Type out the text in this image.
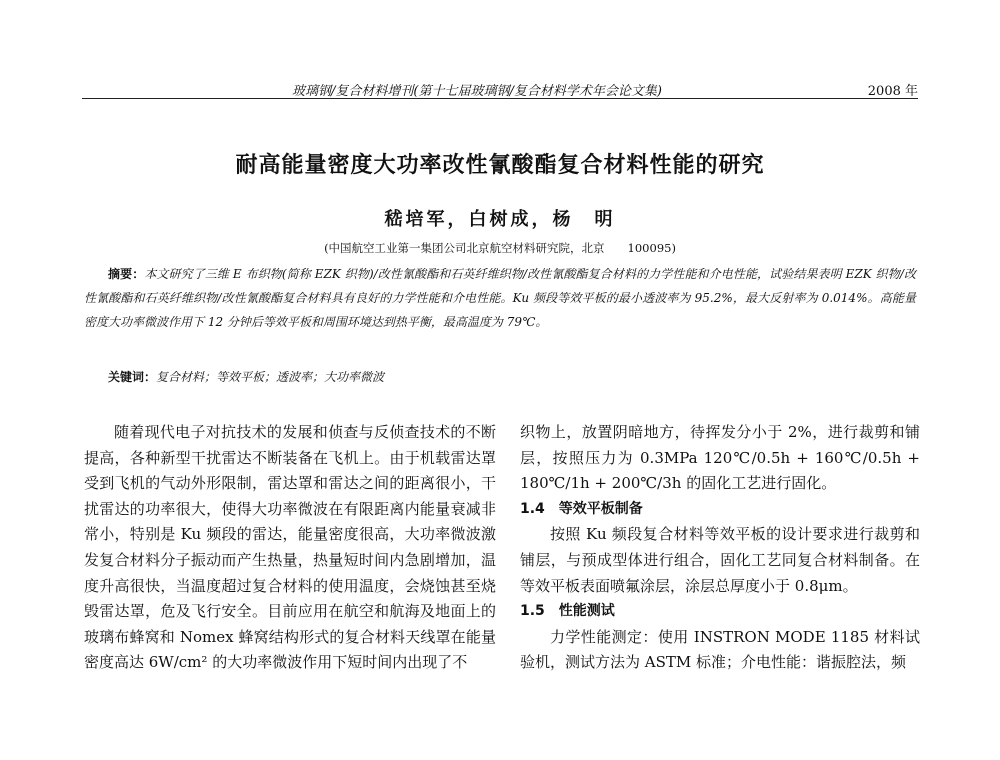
玻璃钢/复合材料增刊(第十七届玻璃钢/复合材料学术年会论文集)	2008 年
耐高能量密度大功率改性氰酸酯复合材料性能的研究
嵇培军，白树成，杨　明
(中国航空工业第一集团公司北京航空材料研究院，北京　　100095)

摘要：本文研究了三维 E 布织物(简称 EZK 织物)/改性氰酸酯和石英纤维织物/改性氰酸酯复合材料的力学性能和介电性能，试验结果表明 EZK 织物/改性氰酸酯和石英纤维织物/改性氰酸酯复合材料具有良好的力学性能和介电性能。Ku 频段等效平板的最小透波率为 95.2%，最大反射率为 0.014%。高能量密度大功率微波作用下 12 分钟后等效平板和周围环境达到热平衡，最高温度为 79℃。

关键词：复合材料；等效平板；透波率；大功率微波

随着现代电子对抗技术的发展和侦查与反侦查技术的不断提高，各种新型干扰雷达不断装备在飞机上。由于机载雷达罩受到飞机的气动外形限制，雷达罩和雷达之间的距离很小，干扰雷达的功率很大，使得大功率微波在有限距离内能量衰减非常小，特别是 Ku 频段的雷达，能量密度很高，大功率微波激发复合材料分子振动而产生热量，热量短时间内急剧增加，温度升高很快，当温度超过复合材料的使用温度，会烧蚀甚至烧毁雷达罩，危及飞行安全。目前应用在航空和航海及地面上的玻璃布蜂窝和 Nomex 蜂窝结构形式的复合材料天线罩在能量密度高达 6W/cm² 的大功率微波作用下短时间内出现了不

织物上，放置阴暗地方，待挥发分小于 2%，进行裁剪和铺层，按照压力为 0.3MPa 120℃/0.5h + 160℃/0.5h + 180℃/1h + 200℃/3h 的固化工艺进行固化。

1.4　等效平板制备

按照 Ku 频段复合材料等效平板的设计要求进行裁剪和铺层，与预成型体进行组合，固化工艺同复合材料制备。在等效平板表面喷氟涂层，涂层总厚度小于 0.8μm。

1.5　性能测试

力学性能测定：使用 INSTRON MODE 1185 材料试验机，测试方法为 ASTM 标准；介电性能：谐振腔法，频
